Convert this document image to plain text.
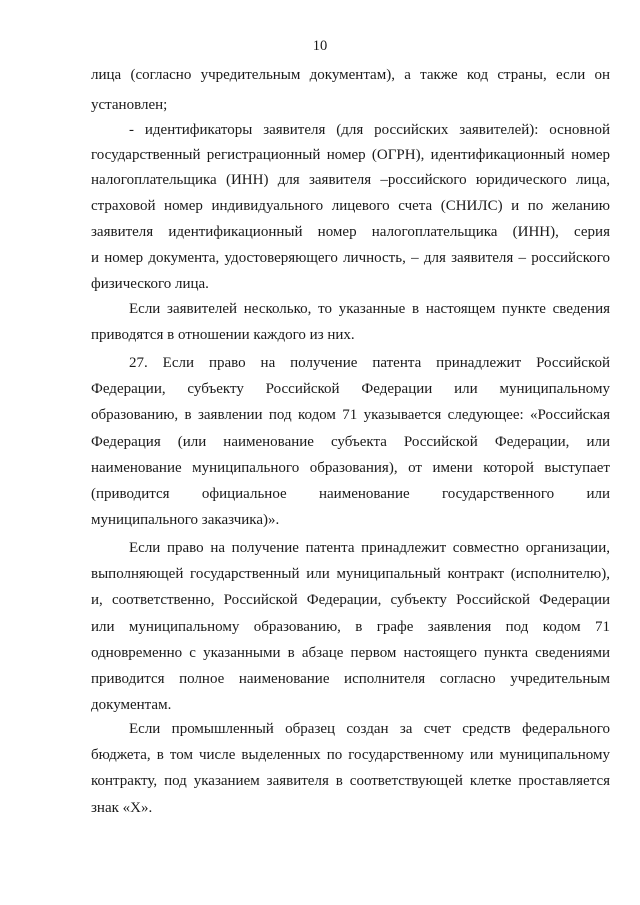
10
лица (согласно учредительным документам), а также код страны, если он
установлен;
- идентификаторы заявителя (для российских заявителей): основной
государственный регистрационный номер (ОГРН), идентификационный номер
налогоплательщика (ИНН) для заявителя –российского юридического лица,
страховой номер индивидуального лицевого счета (СНИЛС) и по желанию
заявителя идентификационный номер налогоплательщика (ИНН), серия
и номер документа, удостоверяющего личность, – для заявителя – российского
физического лица.
Если заявителей несколько, то указанные в настоящем пункте сведения
приводятся в отношении каждого из них.
27. Если право на получение патента принадлежит Российской
Федерации, субъекту Российской Федерации или муниципальному
образованию, в заявлении под кодом 71 указывается следующее: «Российская
Федерация (или наименование субъекта Российской Федерации, или
наименование муниципального образования), от имени которой выступает
(приводится официальное наименование государственного или
муниципального заказчика)».
Если право на получение патента принадлежит совместно организации,
выполняющей государственный или муниципальный контракт (исполнителю),
и, соответственно, Российской Федерации, субъекту Российской Федерации
или муниципальному образованию, в графе заявления под кодом 71
одновременно с указанными в абзаце первом настоящего пункта сведениями
приводится полное наименование исполнителя согласно учредительным
документам.
Если промышленный образец создан за счет средств федерального
бюджета, в том числе выделенных по государственному или муниципальному
контракту, под указанием заявителя в соответствующей клетке проставляется
знак «Х».
